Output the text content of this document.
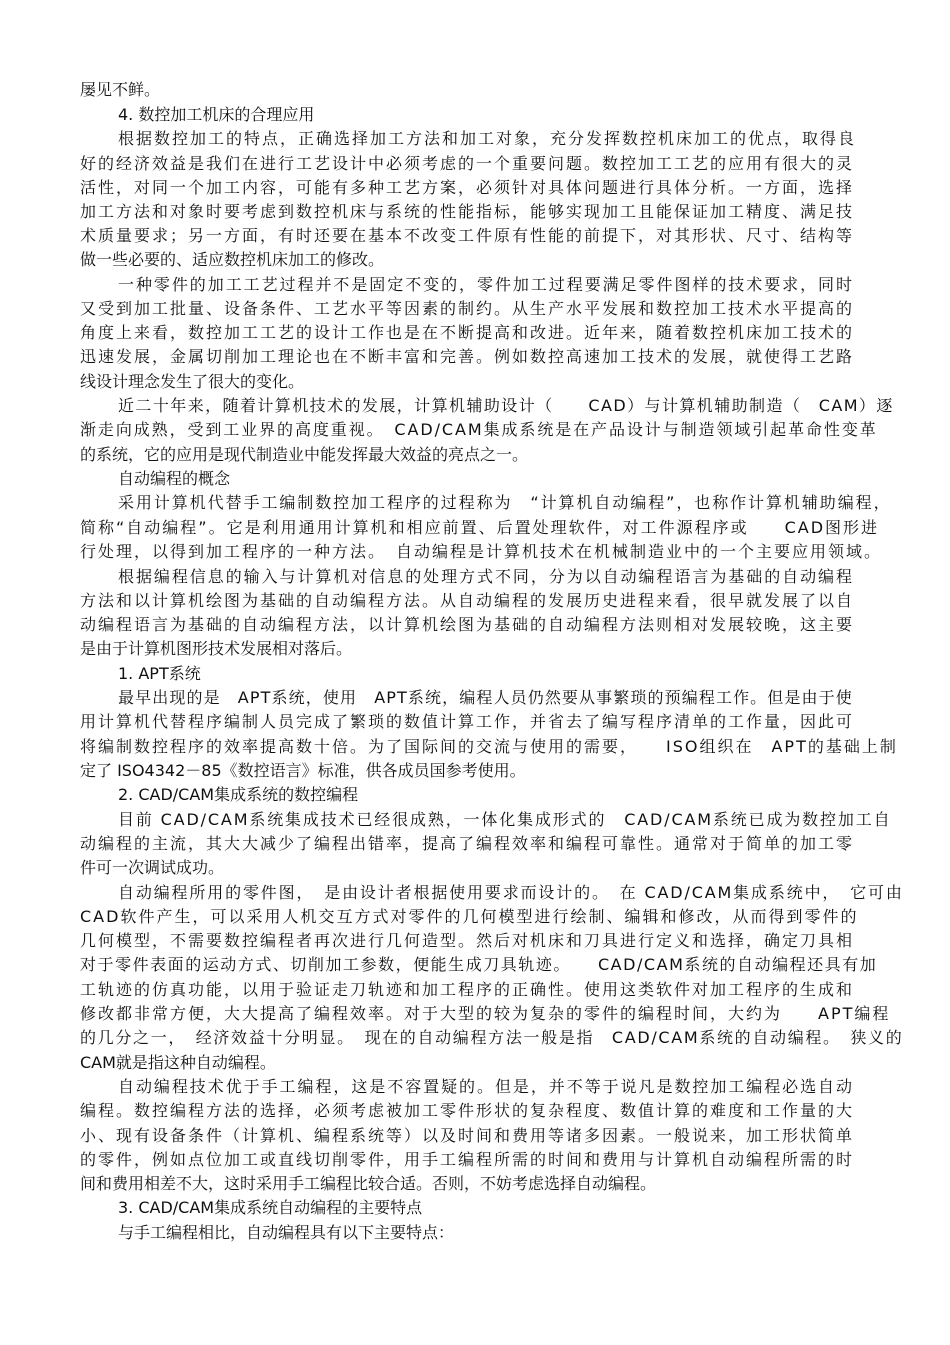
屡见不鲜。

4. 数控加工机床的合理应用

根据数控加工的特点，正确选择加工方法和加工对象，充分发挥数控机床加工的优点，取得良

好的经济效益是我们在进行工艺设计中必须考虑的一个重要问题。数控加工工艺的应用有很大的灵

活性，对同一个加工内容，可能有多种工艺方案，必须针对具体问题进行具体分析。一方面，选择

加工方法和对象时要考虑到数控机床与系统的性能指标，能够实现加工且能保证加工精度、满足技

术质量要求；另一方面，有时还要在基本不改变工件原有性能的前提下，对其形状、尺寸、结构等

做一些必要的、适应数控机床加工的修改。

一种零件的加工工艺过程并不是固定不变的，零件加工过程要满足零件图样的技术要求，同时

又受到加工批量、设备条件、工艺水平等因素的制约。从生产水平发展和数控加工技术水平提高的

角度上来看，数控加工工艺的设计工作也是在不断提高和改进。近年来，随着数控机床加工技术的

迅速发展，金属切削加工理论也在不断丰富和完善。例如数控高速加工技术的发展，就使得工艺路

线设计理念发生了很大的变化。

近二十年来，随着计算机技术的发展，计算机辅助设计（　　CAD）与计算机辅助制造（　CAM）逐

渐走向成熟，受到工业界的高度重视。　CAD/CAM集成系统是在产品设计与制造领域引起革命性变革

的系统，它的应用是现代制造业中能发挥最大效益的亮点之一。

自动编程的概念

采用计算机代替手工编制数控加工程序的过程称为　“计算机自动编程”，也称作计算机辅助编程，

简称“自动编程”。它是利用通用计算机和相应前置、后置处理软件，对工件源程序或　　CAD图形进

行处理，以得到加工程序的一种方法。　自动编程是计算机技术在机械制造业中的一个主要应用领域。

根据编程信息的输入与计算机对信息的处理方式不同，分为以自动编程语言为基础的自动编程

方法和以计算机绘图为基础的自动编程方法。从自动编程的发展历史进程来看，很早就发展了以自

动编程语言为基础的自动编程方法，以计算机绘图为基础的自动编程方法则相对发展较晚，这主要

是由于计算机图形技术发展相对落后。

1. APT系统

最早出现的是　APT系统，使用　APT系统，编程人员仍然要从事繁琐的预编程工作。但是由于使

用计算机代替程序编制人员完成了繁琐的数值计算工作，并省去了编写程序清单的工作量，因此可

将编制数控程序的效率提高数十倍。为了国际间的交流与使用的需要，　　ISO组织在　APT的基础上制

定了 ISO4342－85《数控语言》标准，供各成员国参考使用。

2. CAD/CAM集成系统的数控编程

目前 CAD/CAM系统集成技术已经很成熟，一体化集成形式的　CAD/CAM系统已成为数控加工自

动编程的主流，其大大减少了编程出错率，提高了编程效率和编程可靠性。通常对于简单的加工零

件可一次调试成功。

自动编程所用的零件图，　是由设计者根据使用要求而设计的。　在 CAD/CAM集成系统中，　它可由

CAD软件产生，可以采用人机交互方式对零件的几何模型进行绘制、编辑和修改，从而得到零件的

几何模型，不需要数控编程者再次进行几何造型。然后对机床和刀具进行定义和选择，确定刀具相

对于零件表面的运动方式、切削加工参数，便能生成刀具轨迹。　　CAD/CAM系统的自动编程还具有加

工轨迹的仿真功能，以用于验证走刀轨迹和加工程序的正确性。使用这类软件对加工程序的生成和

修改都非常方便，大大提高了编程效率。对于大型的较为复杂的零件的编程时间，大约为　　APT编程

的几分之一，　经济效益十分明显。　现在的自动编程方法一般是指　CAD/CAM系统的自动编程。　狭义的

CAM就是指这种自动编程。

自动编程技术优于手工编程，这是不容置疑的。但是，并不等于说凡是数控加工编程必选自动

编程。数控编程方法的选择，必须考虑被加工零件形状的复杂程度、数值计算的难度和工作量的大

小、现有设备条件（计算机、编程系统等）以及时间和费用等诸多因素。一般说来，加工形状简单

的零件，例如点位加工或直线切削零件，用手工编程所需的时间和费用与计算机自动编程所需的时

间和费用相差不大，这时采用手工编程比较合适。否则，不妨考虑选择自动编程。

3. CAD/CAM集成系统自动编程的主要特点

与手工编程相比，自动编程具有以下主要特点：
